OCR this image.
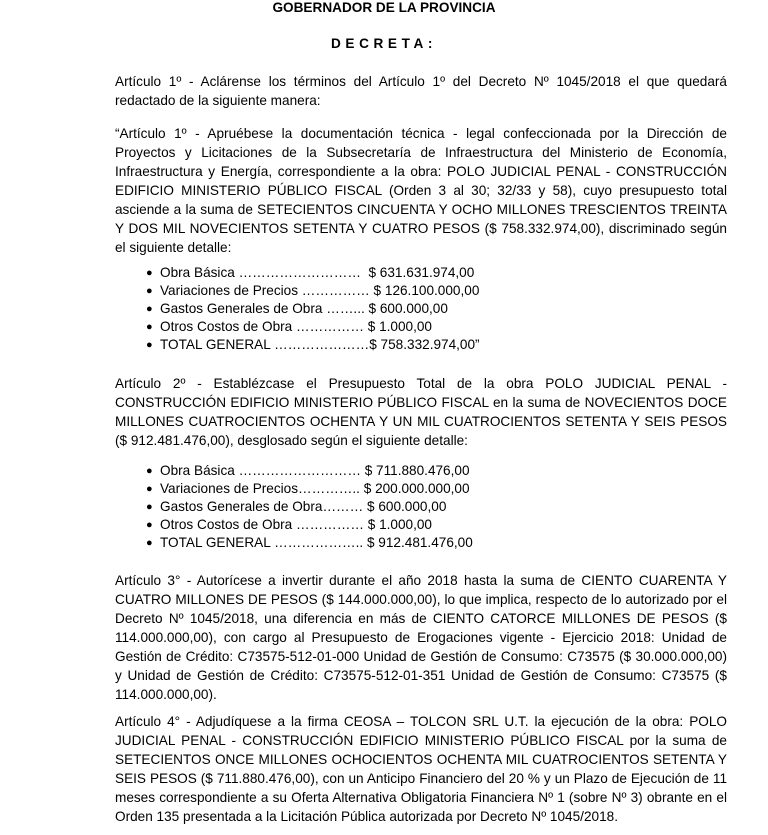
GOBERNADOR DE LA PROVINCIA

DECRETA:

Artículo 1º - Aclárense los términos del Artículo 1º del Decreto Nº 1045/2018 el que quedará redactado de la siguiente manera:

“Artículo 1º - Apruébese la documentación técnica - legal confeccionada por la Dirección de Proyectos y Licitaciones de la Subsecretaría de Infraestructura del Ministerio de Economía, Infraestructura y Energía, correspondiente a la obra: POLO JUDICIAL PENAL - CONSTRUCCIÓN EDIFICIO MINISTERIO PÚBLICO FISCAL (Orden 3 al 30; 32/33 y 58), cuyo presupuesto total asciende a la suma de SETECIENTOS CINCUENTA Y OCHO MILLONES TRESCIENTOS TREINTA Y DOS MIL NOVECIENTOS SETENTA Y CUATRO PESOS ($ 758.332.974,00), discriminado según el siguiente detalle:

● Obra Básica ………………………  $ 631.631.974,00
● Variaciones de Precios …………… $ 126.100.000,00
● Gastos Generales de Obra ……... $ 600.000,00
● Otros Costos de Obra …………… $ 1.000,00
● TOTAL GENERAL …………………$ 758.332.974,00”

Artículo 2º - Establézcase el Presupuesto Total de la obra POLO JUDICIAL PENAL - CONSTRUCCIÓN EDIFICIO MINISTERIO PÚBLICO FISCAL en la suma de NOVECIENTOS DOCE MILLONES CUATROCIENTOS OCHENTA Y UN MIL CUATROCIENTOS SETENTA Y SEIS PESOS ($ 912.481.476,00), desglosado según el siguiente detalle:

● Obra Básica ……………………… $ 711.880.476,00
● Variaciones de Precios………….. $ 200.000.000,00
● Gastos Generales de Obra……… $ 600.000,00
● Otros Costos de Obra …………… $ 1.000,00
● TOTAL GENERAL ……………….. $ 912.481.476,00

Artículo 3° - Autorícese a invertir durante el año 2018 hasta la suma de CIENTO CUARENTA Y CUATRO MILLONES DE PESOS ($ 144.000.000,00), lo que implica, respecto de lo autorizado por el Decreto Nº 1045/2018, una diferencia en más de CIENTO CATORCE MILLONES DE PESOS ($ 114.000.000,00), con cargo al Presupuesto de Erogaciones vigente - Ejercicio 2018: Unidad de Gestión de Crédito: C73575-512-01-000 Unidad de Gestión de Consumo: C73575 ($ 30.000.000,00) y Unidad de Gestión de Crédito: C73575-512-01-351 Unidad de Gestión de Consumo: C73575 ($ 114.000.000,00).

Artículo 4° - Adjudíquese a la firma CEOSA – TOLCON SRL U.T. la ejecución de la obra: POLO JUDICIAL PENAL - CONSTRUCCIÓN EDIFICIO MINISTERIO PÚBLICO FISCAL por la suma de SETECIENTOS ONCE MILLONES OCHOCIENTOS OCHENTA MIL CUATROCIENTOS SETENTA Y SEIS PESOS ($ 711.880.476,00), con un Anticipo Financiero del 20 % y un Plazo de Ejecución de 11 meses correspondiente a su Oferta Alternativa Obligatoria Financiera Nº 1 (sobre Nº 3) obrante en el Orden 135 presentada a la Licitación Pública autorizada por Decreto Nº 1045/2018.
